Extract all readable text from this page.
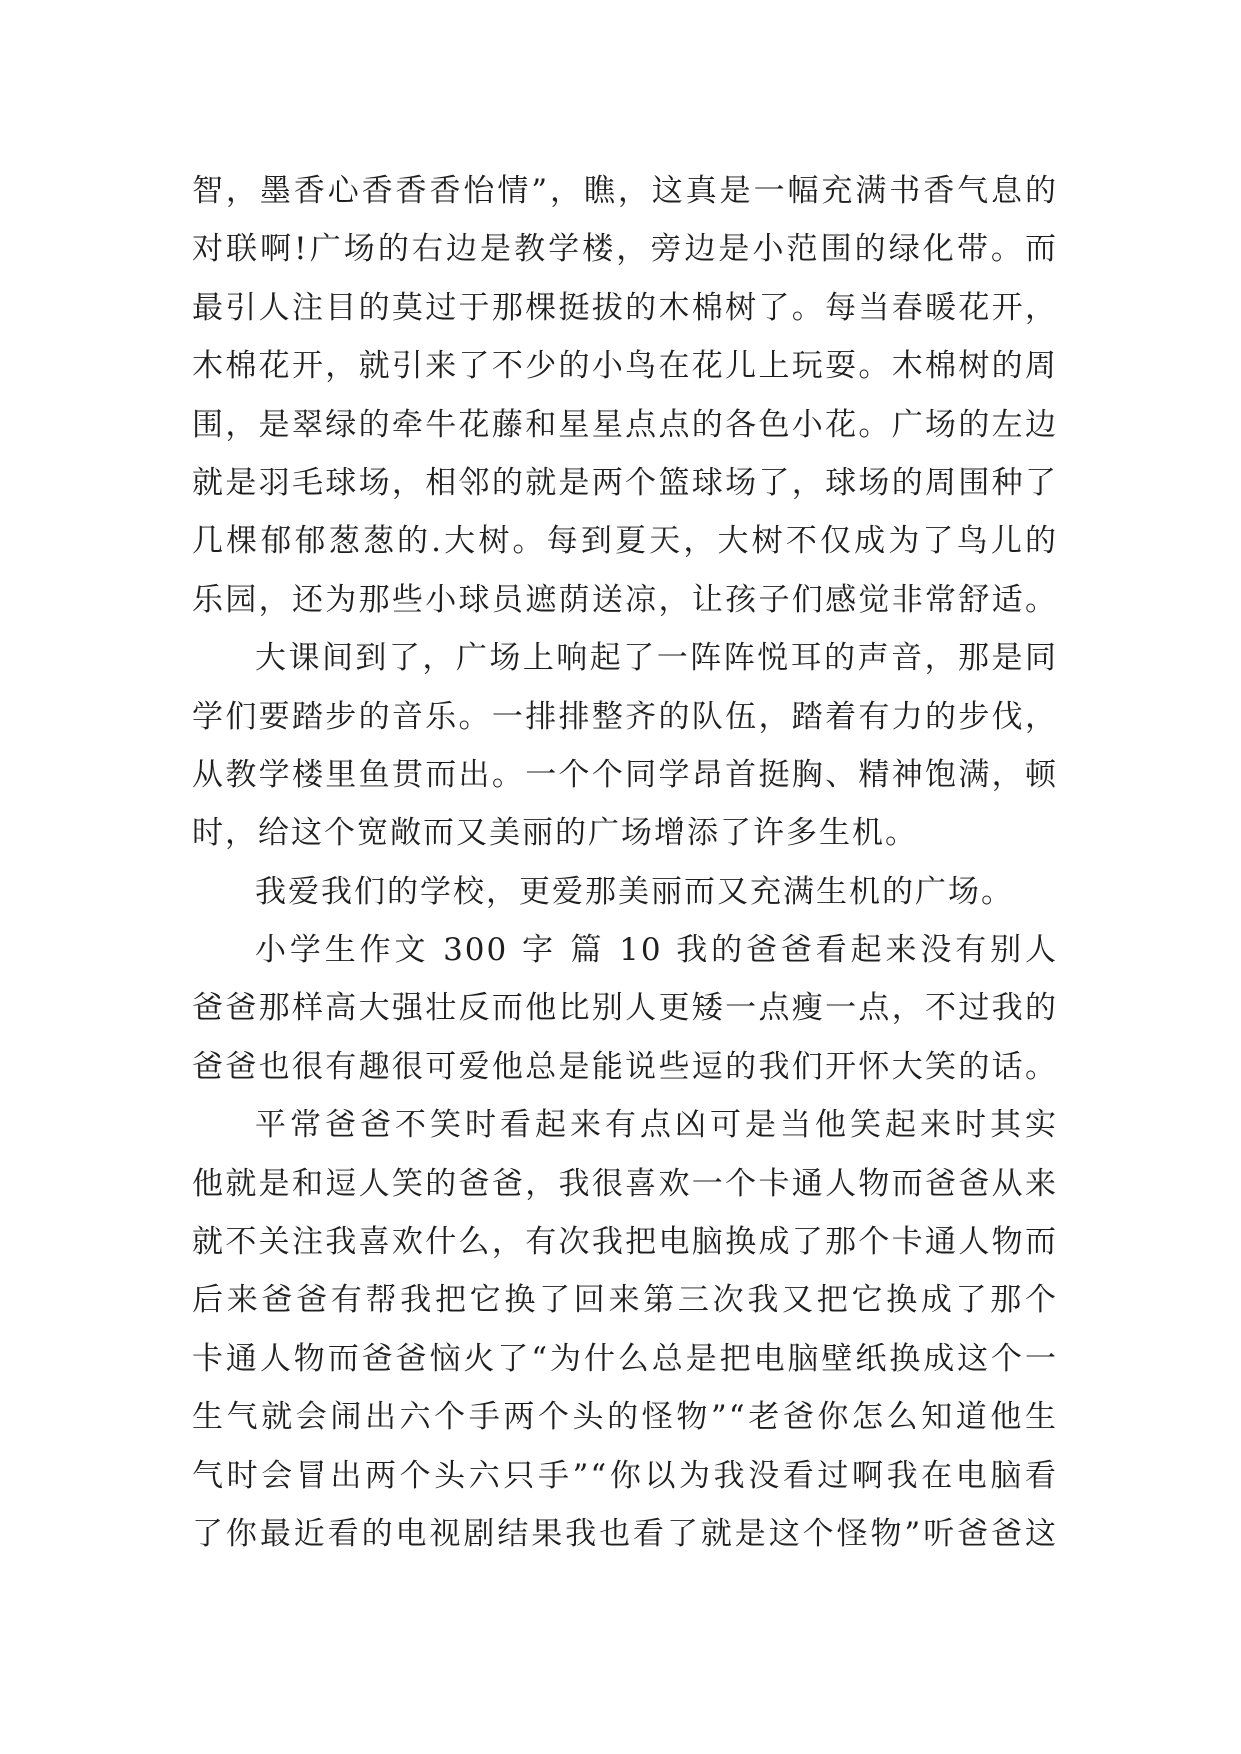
智，墨香心香香香怡情”，瞧，这真是一幅充满书香气息的
对联啊!广场的右边是教学楼，旁边是小范围的绿化带。而
最引人注目的莫过于那棵挺拔的木棉树了。每当春暖花开，
木棉花开，就引来了不少的小鸟在花儿上玩耍。木棉树的周
围，是翠绿的牵牛花藤和星星点点的各色小花。广场的左边
就是羽毛球场，相邻的就是两个篮球场了，球场的周围种了
几棵郁郁葱葱的.大树。每到夏天，大树不仅成为了鸟儿的
乐园，还为那些小球员遮荫送凉，让孩子们感觉非常舒适。
大课间到了，广场上响起了一阵阵悦耳的声音，那是同
学们要踏步的音乐。一排排整齐的队伍，踏着有力的步伐，
从教学楼里鱼贯而出。一个个同学昂首挺胸、精神饱满，顿
时，给这个宽敞而又美丽的广场增添了许多生机。
我爱我们的学校，更爱那美丽而又充满生机的广场。
小学生作文 300 字 篇 10 我的爸爸看起来没有别人
爸爸那样高大强壮反而他比别人更矮一点瘦一点，不过我的
爸爸也很有趣很可爱他总是能说些逗的我们开怀大笑的话。
平常爸爸不笑时看起来有点凶可是当他笑起来时其实
他就是和逗人笑的爸爸，我很喜欢一个卡通人物而爸爸从来
就不关注我喜欢什么，有次我把电脑换成了那个卡通人物而
后来爸爸有帮我把它换了回来第三次我又把它换成了那个
卡通人物而爸爸恼火了“为什么总是把电脑壁纸换成这个一
生气就会闹出六个手两个头的怪物”“老爸你怎么知道他生
气时会冒出两个头六只手”“你以为我没看过啊我在电脑看
了你最近看的电视剧结果我也看了就是这个怪物”听爸爸这
